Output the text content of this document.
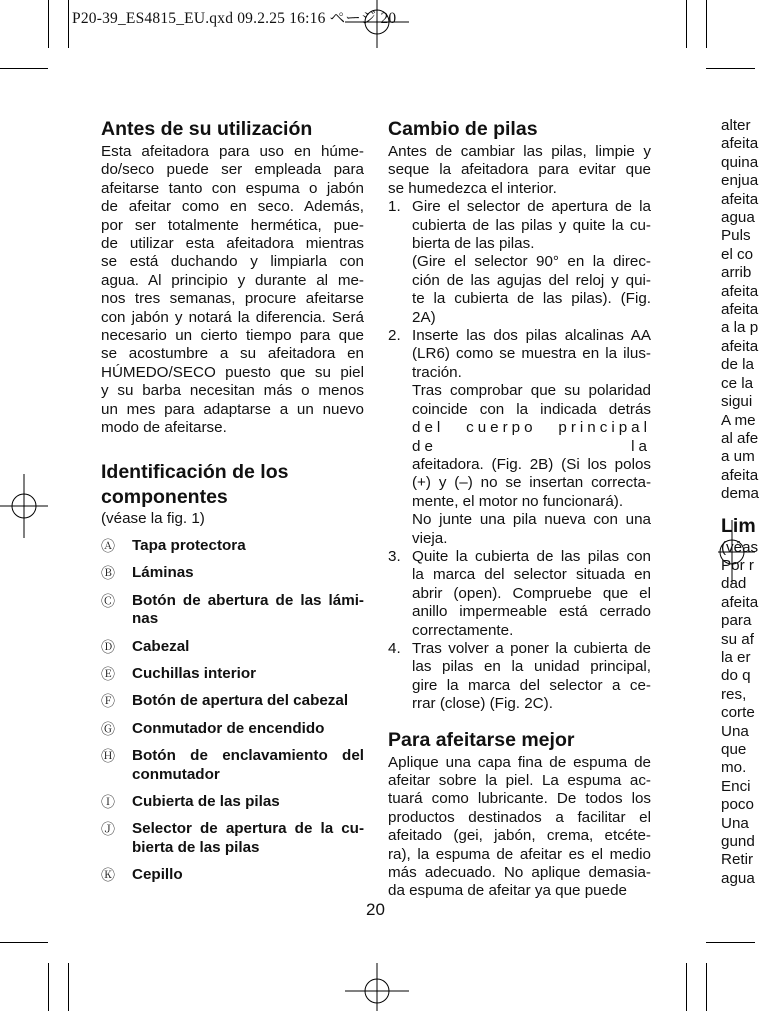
P20-39_ES4815_EU.qxd 09.2.25 16:16 ページ 20
Antes de su utilización
Esta afeitadora para uso en húme-
do/seco puede ser empleada para
afeitarse tanto con espuma o jabón
de afeitar como en seco. Además,
por ser totalmente hermética, pue-
de utilizar esta afeitadora mientras
se está duchando y limpiarla con
agua. Al principio y durante al me-
nos tres semanas, procure afeitarse
con jabón y notará la diferencia. Será
necesario un cierto tiempo para que
se acostumbre a su afeitadora en
HÚMEDO/SECO puesto que su piel
y su barba necesitan más o menos
un mes para adaptarse a un nuevo
modo de afeitarse.
Identificación de los
componentes
(véase la fig. 1)
Ⓐ	Tapa protectora
Ⓑ	Láminas
Ⓒ	Botón de abertura de las lámi-nas
Ⓓ	Cabezal
Ⓔ	Cuchillas interior
Ⓕ	Botón de apertura del cabezal
Ⓖ	Conmutador de encendido
Ⓗ	Botón de enclavamiento del conmutador
Ⓘ	Cubierta de las pilas
Ⓙ	Selector de apertura de la cu-bierta de las pilas
Ⓚ	Cepillo
Cambio de pilas
Antes de cambiar las pilas, limpie y
seque la afeitadora para evitar que
se humedezca el interior.
1. Gire el selector de apertura de la
cubierta de las pilas y quite la cu-
bierta de las pilas.
(Gire el selector 90° en la direc-
ción de las agujas del reloj y qui-
te la cubierta de las pilas). (Fig.
2A)
2. Inserte las dos pilas alcalinas AA
(LR6) como se muestra en la ilus-
tración.
Tras comprobar que su polaridad
coincide con la indicada detrás
del cuerpo principal de la
afeitadora. (Fig. 2B) (Si los polos
(+) y (–) no se insertan correcta-
mente, el motor no funcionará).
No junte una pila nueva con una
vieja.
3. Quite la cubierta de las pilas con
la marca del selector situada en
abrir (open). Compruebe que el
anillo impermeable está cerrado
correctamente.
4. Tras volver a poner la cubierta de
las pilas en la unidad principal,
gire la marca del selector a ce-
rrar (close) (Fig. 2C).
Para afeitarse mejor
Aplique una capa fina de espuma de
afeitar sobre la piel. La espuma ac-
tuará como lubricante. De todos los
productos destinados a facilitar el
afeitado (gei, jabón, crema, etcéte-
ra), la espuma de afeitar es el medio
más adecuado. No aplique demasia-
da espuma de afeitar ya que puede
alter
afeita
quina
enjua
afeita
agua
Puls
el co
arrib
afeita
afeita
a la p
afeita
de la
ce la
sigui
A me
al afe
a um
afeita
dema
Lim
(véas
Por r
dad
afeita
para
su af
la er
do q
res,
corte
Una
que
mo.
Enci
poco
Una
gund
Retir
agua
20
